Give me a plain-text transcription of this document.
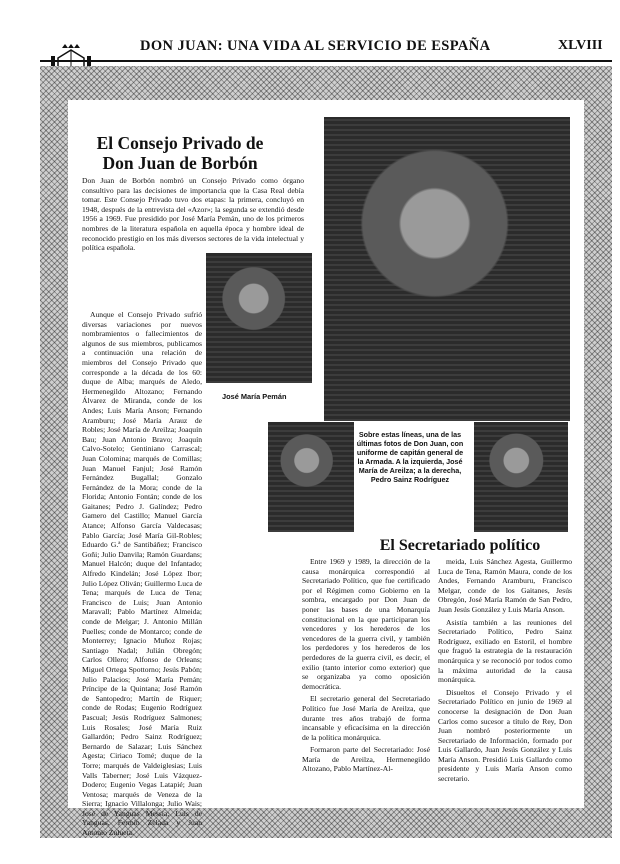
DON JUAN: UNA VIDA AL SERVICIO DE ESPAÑA	XLVIII
El Consejo Privado de Don Juan de Borbón
Don Juan de Borbón nombró un Consejo Privado como órgano consultivo para las decisiones de importancia que la Casa Real debía tomar. Este Consejo Privado tuvo dos etapas: la primera, concluyó en 1948, después de la entrevista del «Azor»; la segunda se extendió desde 1956 a 1969. Fue presidido por José María Pemán, uno de los primeros nombres de la literatura española en aquella época y hombre ideal de reconocido prestigio en los más diversos sectores de la vida intelectual y política española.
José María Pemán
Aunque el Consejo Privado sufrió diversas variaciones por nuevos nombramientos o fallecimientos de algunos de sus miembros, publicamos a continuación una relación de miembros del Consejo Privado que corresponde a la década de los 60: duque de Alba; marqués de Aledo, Hermenegildo Altozano; Fernando Álvarez de Miranda, conde de los Andes; Luis María Anson; Fernando Aramburu; José María Arauz de Robles; José María de Areilza; Joaquín Bau; Juan Antonio Bravo; Joaquín Calvo-Sotelo; Gentiniano Carrascal; Juan Colomina; marqués de Comillas; Juan Manuel Fanjul; José Ramón Fernández Bugallal; Gonzalo Fernández de la Mora; conde de la Florida; Antonio Fontán; conde de los Gaitanes; Pedro J. Galíndez; Pedro Gamero del Castillo; Manuel García Atance; Alfonso García Valdecasas; Pablo García; José María Gil-Robles; Eduardo G.ª de Santibáñez; Francisco Goñi; Julio Danvila; Ramón Guardans; Manuel Halcón; duque del Infantado; Alfredo Kindelán; José López Ibor; Julio López Oliván; Guillermo Luca de Tena; marqués de Luca de Tena; Francisco de Luis; Juan Antonio Maravall; Pablo Martínez Almeida; conde de Melgar; J. Antonio Millán Puelles; conde de Montarco; conde de Monterrey; Ignacio Muñoz Rojas; Santiago Nadal; Julián Obregón; Carlos Ollero; Alfonso de Orleans; Miguel Ortega Spottorno; Jesús Pabón; Julio Palacios; José María Pemán; Príncipe de la Quintana; José Ramón de Santopedro; Martín de Riquer; conde de Rodas; Eugenio Rodríguez Pascual; Jesús Rodríguez Salmones; Luis Rosales; José María Ruiz Gallardón; Pedro Sainz Rodríguez; Bernardo de Salazar; Luis Sánchez Agesta; Ciriaco Tomé; duque de la Torre; marqués de Valdeiglesias; Luis Valls Taberner; José Luis Vázquez-Dodero; Eugenio Vegas Latapié; Juan Ventosa; marqués de Veneza de la Sierra; Ignacio Villalonga; Julio Wais; José de Yanguas Messía; Luis de Yanguas, Fermín Zelada y Juan Antonio Zulueta.
Sobre estas líneas, una de las últimas fotos de Don Juan, con uniforme de capitán general de la Armada. A la izquierda, José María de Areilza; a la derecha, Pedro Sainz Rodríguez
El Secretariado político

Entre 1969 y 1989, la dirección de la causa monárquica correspondió al Secretariado Político, que fue certificado por el Régimen como Gobierno en la sombra, encargado por Don Juan de poner las bases de una Monarquía constitucional en la que participaran los vencedores y los herederos de los vencedores de la guerra civil, y también los perdedores y los herederos de los perdedores de la guerra civil, es decir, el exilio (tanto interior como exterior) que se organizaba ya como oposición democrática.

El secretario general del Secretariado Político fue José María de Areilza, que durante tres años trabajó de forma incansable y eficacísima en la dirección de la política monárquica.

Formaron parte del Secretariado: José María de Areilza, Hermenegildo Altozano, Pablo Martínez-Al-

meida, Luis Sánchez Agesta, Guillermo Luca de Tena, Ramón Maura, conde de los Andes, Fernando Aramburu, Francisco Melgar, conde de los Gaitanes, Jesús Obregón, José María Ramón de San Pedro, Juan Jesús González y Luis María Anson.

Asistía también a las reuniones del Secretariado Político, Pedro Sainz Rodríguez, exiliado en Estoril, el hombre que fraguó la estrategia de la restauración monárquica y se reconoció por todos como la máxima autoridad de la causa monárquica.

Disueltos el Consejo Privado y el Secretariado Político en junio de 1969 al conocerse la designación de Don Juan Carlos como sucesor a título de Rey, Don Juan nombró posteriormente un Secretariado de Información, formado por Luis Gallardo, Juan Jesús González y Luis María Anson. Presidió Luis Gallardo como presidente y Luis María Anson como secretario.
